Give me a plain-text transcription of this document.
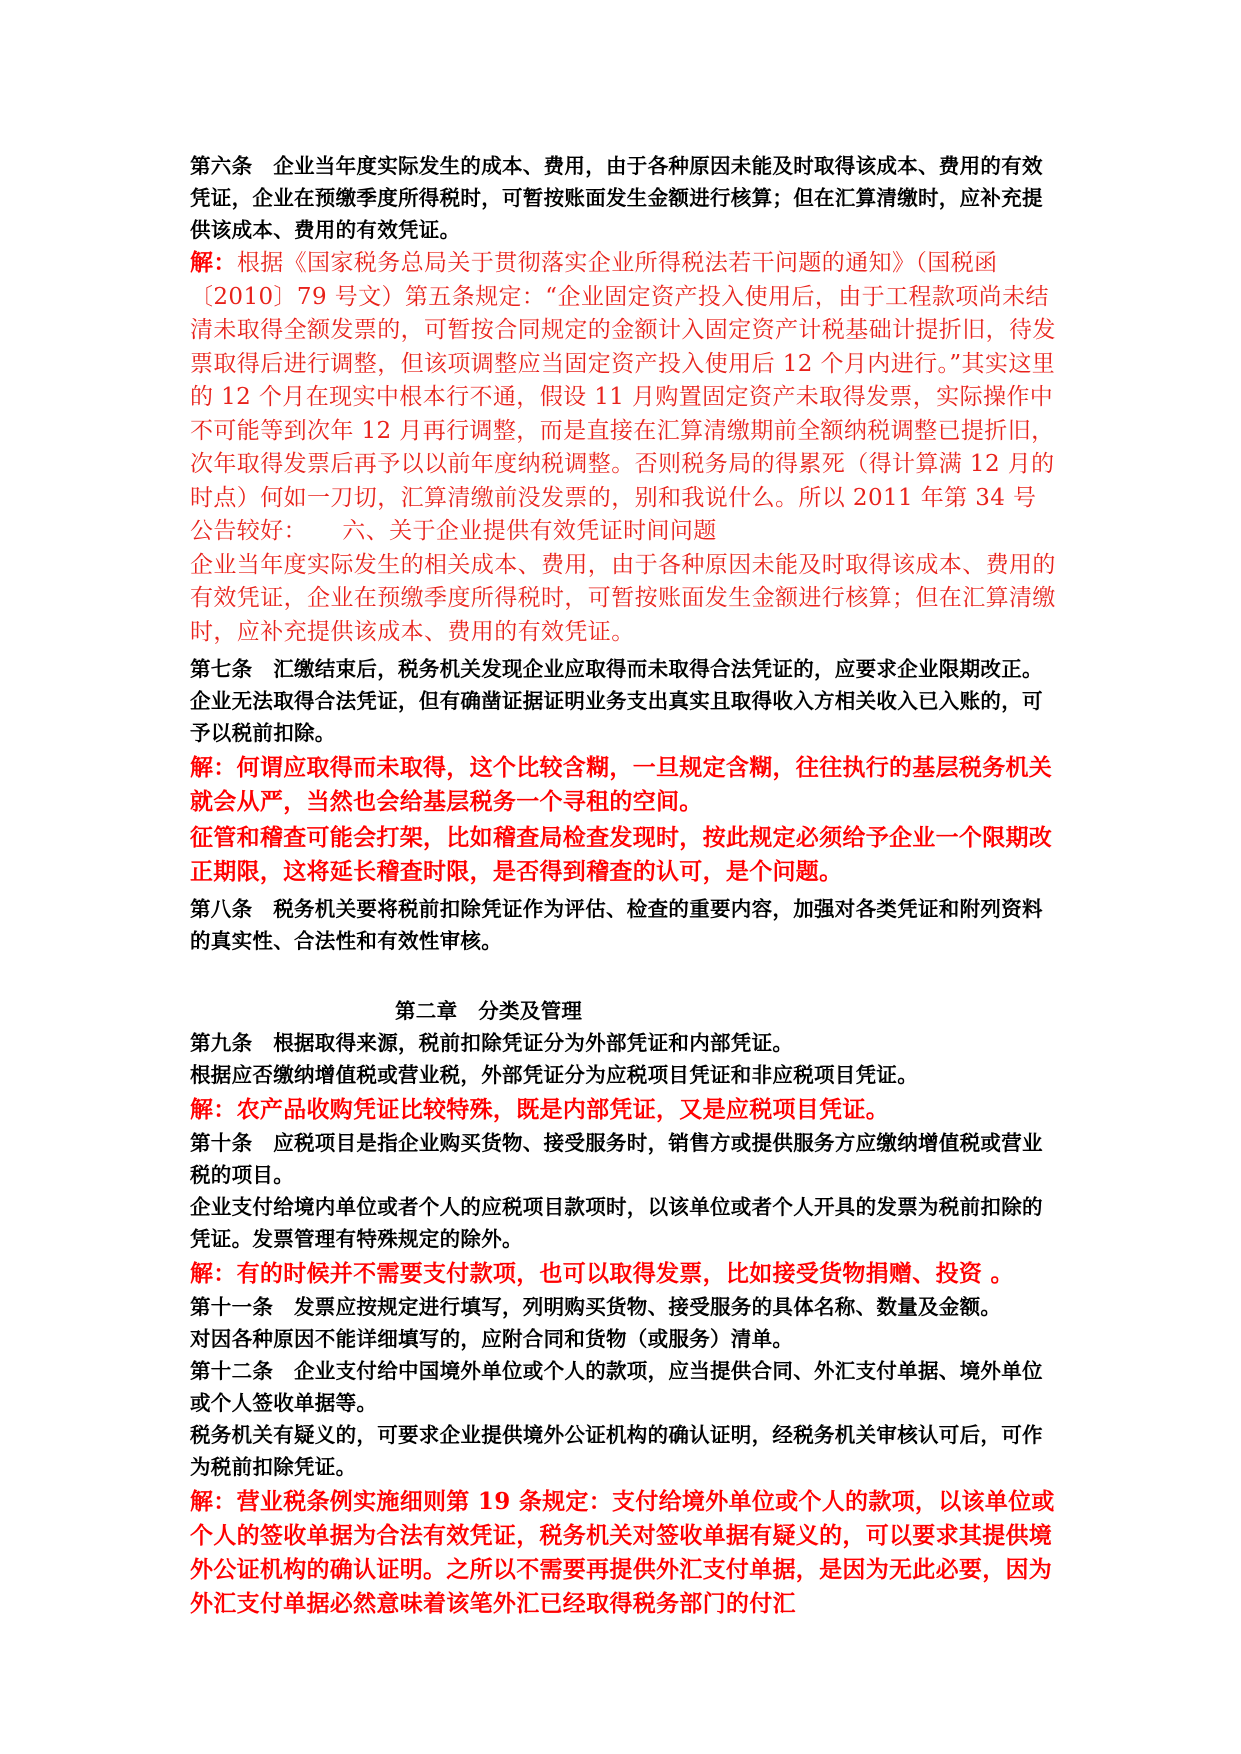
第六条　企业当年度实际发生的成本、费用，由于各种原因未能及时取得该成本、费用的有效凭证，企业在预缴季度所得税时，可暂按账面发生金额进行核算；但在汇算清缴时，应补充提供该成本、费用的有效凭证。

解：根据《国家税务总局关于贯彻落实企业所得税法若干问题的通知》（国税函〔2010〕79 号文）第五条规定：“企业固定资产投入使用后，由于工程款项尚未结清未取得全额发票的，可暂按合同规定的金额计入固定资产计税基础计提折旧，待发票取得后进行调整，但该项调整应当固定资产投入使用后 12 个月内进行。”其实这里的 12 个月在现实中根本行不通，假设 11 月购置固定资产未取得发票，实际操作中不可能等到次年 12 月再行调整，而是直接在汇算清缴期前全额纳税调整已提折旧，次年取得发票后再予以以前年度纳税调整。否则税务局的得累死（得计算满 12 月的时点）何如一刀切，汇算清缴前没发票的，别和我说什么。所以 2011 年第 34 号公告较好：　　六、关于企业提供有效凭证时间问题

企业当年度实际发生的相关成本、费用，由于各种原因未能及时取得该成本、费用的有效凭证，企业在预缴季度所得税时，可暂按账面发生金额进行核算；但在汇算清缴时，应补充提供该成本、费用的有效凭证。

第七条　汇缴结束后，税务机关发现企业应取得而未取得合法凭证的，应要求企业限期改正。企业无法取得合法凭证，但有确凿证据证明业务支出真实且取得收入方相关收入已入账的，可予以税前扣除。

解：何谓应取得而未取得，这个比较含糊，一旦规定含糊，往往执行的基层税务机关就会从严，当然也会给基层税务一个寻租的空间。

征管和稽查可能会打架，比如稽查局检查发现时，按此规定必须给予企业一个限期改正期限，这将延长稽查时限，是否得到稽查的认可，是个问题。

第八条　税务机关要将税前扣除凭证作为评估、检查的重要内容，加强对各类凭证和附列资料的真实性、合法性和有效性审核。

第二章　分类及管理

第九条　根据取得来源，税前扣除凭证分为外部凭证和内部凭证。

根据应否缴纳增值税或营业税，外部凭证分为应税项目凭证和非应税项目凭证。

解：农产品收购凭证比较特殊，既是内部凭证，又是应税项目凭证。

第十条　应税项目是指企业购买货物、接受服务时，销售方或提供服务方应缴纳增值税或营业税的项目。

企业支付给境内单位或者个人的应税项目款项时，以该单位或者个人开具的发票为税前扣除的凭证。发票管理有特殊规定的除外。

解：有的时候并不需要支付款项，也可以取得发票，比如接受货物捐赠、投资 。

第十一条　发票应按规定进行填写，列明购买货物、接受服务的具体名称、数量及金额。

对因各种原因不能详细填写的，应附合同和货物（或服务）清单。

第十二条　企业支付给中国境外单位或个人的款项，应当提供合同、外汇支付单据、境外单位或个人签收单据等。

税务机关有疑义的，可要求企业提供境外公证机构的确认证明，经税务机关审核认可后，可作为税前扣除凭证。

解：营业税条例实施细则第 19 条规定：支付给境外单位或个人的款项，以该单位或个人的签收单据为合法有效凭证，税务机关对签收单据有疑义的，可以要求其提供境外公证机构的确认证明。之所以不需要再提供外汇支付单据，是因为无此必要，因为外汇支付单据必然意味着该笔外汇已经取得税务部门的付汇
